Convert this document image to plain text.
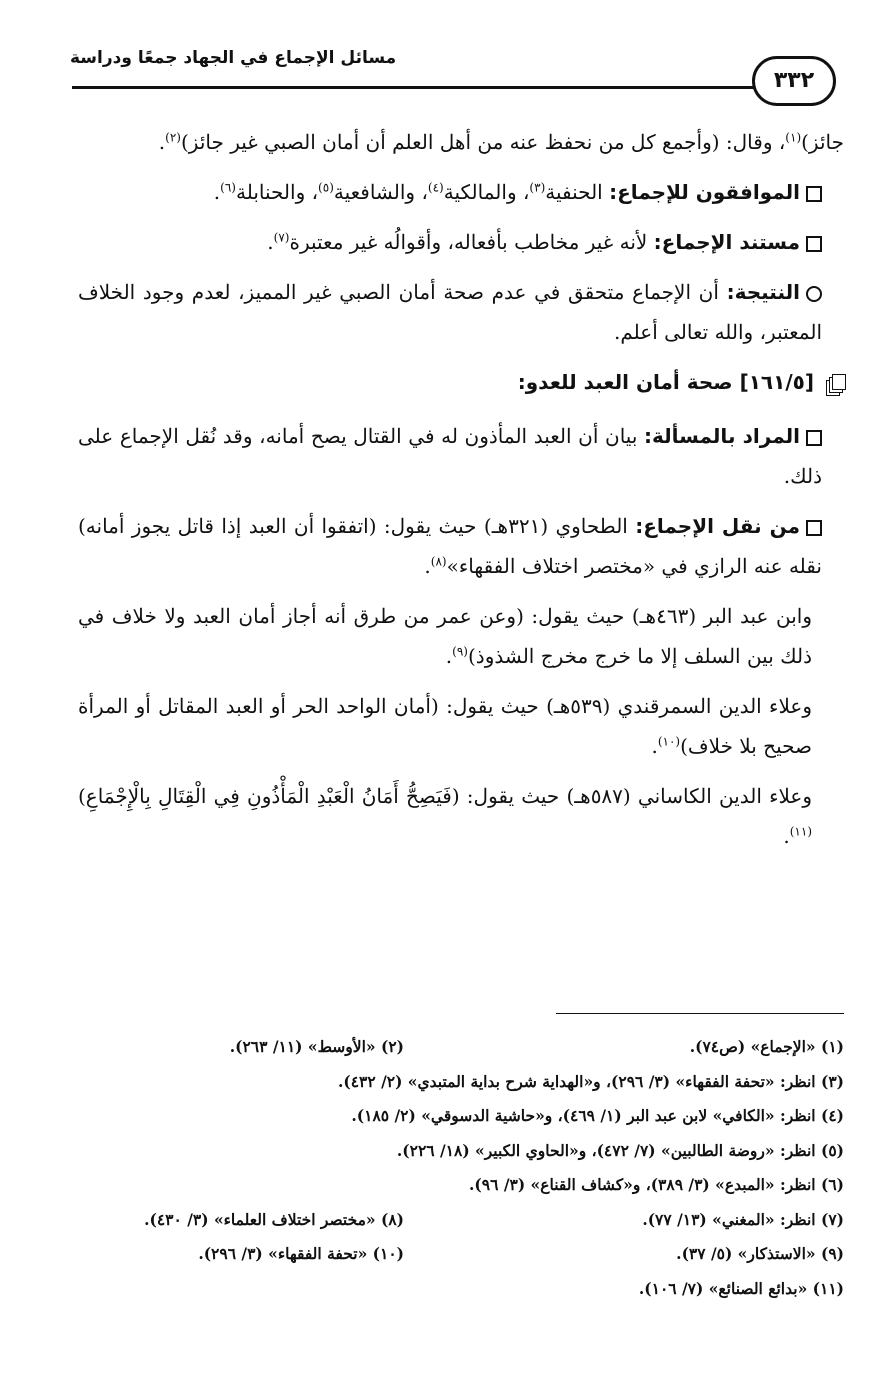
مسائل الإجماع في الجهاد جمعًا ودراسة
٣٣٢

جائز)$^{(١)}$، وقال: (وأجمع كل من نحفظ عنه من أهل العلم أن أمان الصبي غير جائز)$^{(٢)}$.

الموافقون للإجماع: الحنفية$^{(٣)}$، والمالكية$^{(٤)}$، والشافعية$^{(٥)}$، والحنابلة$^{(٦)}$.

مستند الإجماع: لأنه غير مخاطب بأفعاله، وأقوالُه غير معتبرة$^{(٧)}$.

النتيجة: أن الإجماع متحقق في عدم صحة أمان الصبي غير المميز، لعدم وجود الخلاف المعتبر، والله تعالى أعلم.

[١٦١/٥] صحة أمان العبد للعدو:

المراد بالمسألة: بيان أن العبد المأذون له في القتال يصح أمانه، وقد نُقل الإجماع على ذلك.

من نقل الإجماع: الطحاوي (٣٢١هـ) حيث يقول: (اتفقوا أن العبد إذا قاتل يجوز أمانه) نقله عنه الرازي في «مختصر اختلاف الفقهاء»$^{(٨)}$.

وابن عبد البر (٤٦٣هـ) حيث يقول: (وعن عمر من طرق أنه أجاز أمان العبد ولا خلاف في ذلك بين السلف إلا ما خرج مخرج الشذوذ)$^{(٩)}$.

وعلاء الدين السمرقندي (٥٣٩هـ) حيث يقول: (أمان الواحد الحر أو العبد المقاتل أو المرأة صحيح بلا خلاف)$^{(١٠)}$.

وعلاء الدين الكاساني (٥٨٧هـ) حيث يقول: (فَيَصِحُّ أَمَانُ الْعَبْدِ الْمَأْذُونِ فِي الْقِتَالِ بِالْإِجْمَاعِ)$^{(١١)}$.

(١) «الإجماع» (ص٧٤).
(٢) «الأوسط» (١١/ ٢٦٣).
(٣) انظر: «تحفة الفقهاء» (٣/ ٢٩٦)، و«الهداية شرح بداية المتبدي» (٢/ ٤٣٢).
(٤) انظر: «الكافي» لابن عبد البر (١/ ٤٦٩)، و«حاشية الدسوقي» (٢/ ١٨٥).
(٥) انظر: «روضة الطالبين» (٧/ ٤٧٢)، و«الحاوي الكبير» (١٨/ ٢٢٦).
(٦) انظر: «المبدع» (٣/ ٣٨٩)، و«كشاف القناع» (٣/ ٩٦).
(٧) انظر: «المغني» (١٣/ ٧٧).
(٨) «مختصر اختلاف العلماء» (٣/ ٤٣٠).
(٩) «الاستذكار» (٥/ ٣٧).
(١٠) «تحفة الفقهاء» (٣/ ٢٩٦).
(١١) «بدائع الصنائع» (٧/ ١٠٦).
